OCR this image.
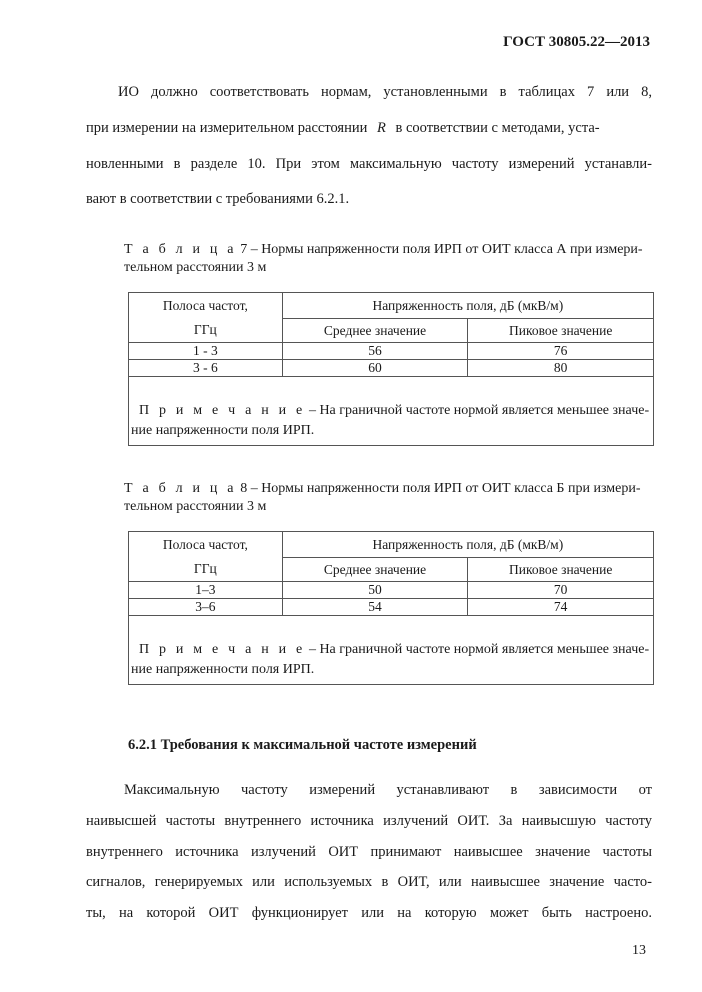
ГОСТ 30805.22—2013
ИО должно соответствовать нормам, установленными в таблицах 7 или 8,
при измерении на измерительном расстоянии R в соответствии с методами, уста-
новленными в разделе 10. При этом максимальную частоту измерений устанавли-
вают в соответствии с требованиями 6.2.1.
Т а б л и ц а 7 – Нормы напряженности поля ИРП от ОИТ класса А при измери-
тельном расстоянии 3 м
Полоса частот,
ГГц	Напряженность поля, дБ (мкВ/м)	
	Среднее значение	Пиковое значение
1 - 3	56	76
3 - 6	60	80

П р и м е ч а н и е – На граничной частоте нормой является меньшее значе-
ние напряженности поля ИРП.		
Т а б л и ц а 8 – Нормы напряженности поля ИРП от ОИТ класса Б при измери-
тельном расстоянии 3 м
Полоса частот,
ГГц	Напряженность поля, дБ (мкВ/м)	
	Среднее значение	Пиковое значение
1–3	50	70
3–6	54	74

П р и м е ч а н и е – На граничной частоте нормой является меньшее значе-
ние напряженности поля ИРП.		
6.2.1 Требования к максимальной частоте измерений
Максимальную частоту измерений устанавливают в зависимости от
наивысшей частоты внутреннего источника излучений ОИТ. За наивысшую частоту
внутреннего источника излучений ОИТ принимают наивысшее значение частоты
сигналов, генерируемых или используемых в ОИТ, или наивысшее значение часто-
ты, на которой ОИТ функционирует или на которую может быть настроено.
13
